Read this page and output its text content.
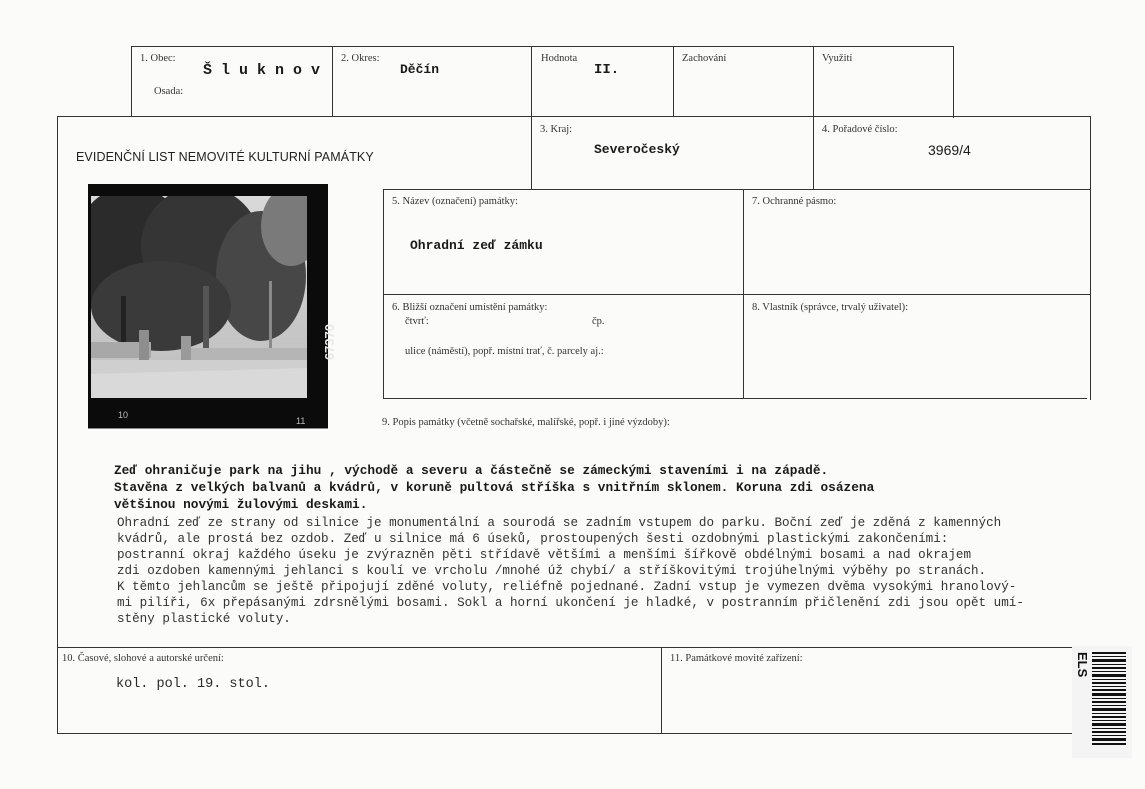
1. Obec:
Š l u k n o v
Osada:
2. Okres:
Děčín
Hodnota
II.
Zachování	Využití
EVIDENČNÍ LIST NEMOVITÉ KULTURNÍ PAMÁTKY
3. Kraj:
Severočeský
4. Pořadové číslo:
3969/4
5. Název (označení) památky:
Ohradní zeď zámku
7. Ochranné pásmo:
6. Bližší označení umístění památky:
čtvrť:	čp.
ulice (náměstí), popř. místní trať, č. parcely aj.:
8. Vlastník (správce, trvalý uživatel):
10
11
67370
9. Popis památky (včetně sochařské, malířské, popř. i jiné výzdoby):
Zeď ohraničuje park na jihu , východě a severu a částečně se zámeckými staveními i na západě.
Stavěna z velkých balvanů a kvádrů, v koruně pultová stříška s vnitřním sklonem. Koruna zdi osázena
většinou novými žulovými deskami.
Ohradní zeď ze strany od silnice je monumentální a sourodá se zadním vstupem do parku. Boční zeď je zděná z kamenných
kvádrů, ale prostá bez ozdob. Zeď u silnice má 6 úseků, prostoupených šesti ozdobnými plastickými zakončeními:
postranní okraj každého úseku je zvýrazněn pěti střídavě většími a menšími šířkově obdélnými bosami a nad okrajem
zdi ozdoben kamennými jehlanci s koulí ve vrcholu /mnohé úž chybí/ a stříškovitými trojúhelnými výběhy po stranách.
K těmto jehlancům se ještě připojují zděné voluty, reliéfně pojednané. Zadní vstup je vymezen dvěma vysokými hranolový-
mi pilíři, 6x přepásanými zdrsnělými bosami. Sokl a horní ukončení je hladké, v postranním přičlenění zdi jsou opět umí-
stěny plastické voluty.
10. Časové, slohové a autorské určení:
kol. pol. 19. stol.
11. Památkové movité zařízení:	ELS
